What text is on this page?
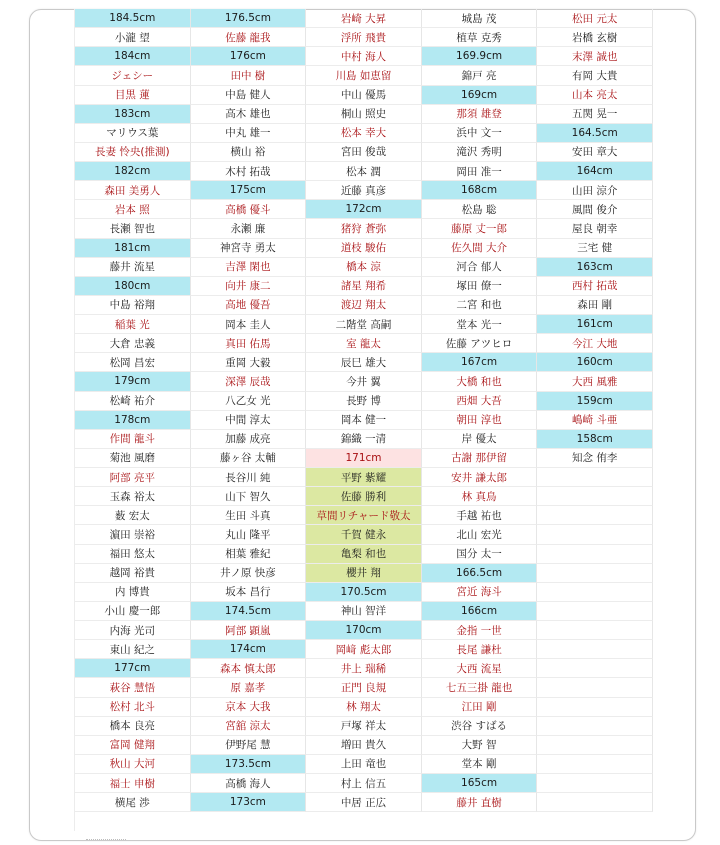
184.5cm	176.5cm	岩崎 大昇	城島 茂	松田 元太
小瀧 望	佐藤 龍我	浮所 飛貴	植草 克秀	岩橋 玄樹
184cm	176cm	中村 海人	169.9cm	末澤 誠也
ジェシー	田中 樹	川島 如恵留	錦戸 亮	有岡 大貴
目黒 蓮	中島 健人	中山 優馬	169cm	山本 亮太
183cm	高木 雄也	桐山 照史	那須 雄登	五関 晃一
マリウス葉	中丸 雄一	松本 幸大	浜中 文一	164.5cm
長妻 怜央(推測)	横山 裕	宮田 俊哉	滝沢 秀明	安田 章大
182cm	木村 拓哉	松本 潤	岡田 准一	164cm
森田 美勇人	175cm	近藤 真彦	168cm	山田 涼介
岩本 照	高橋 優斗	172cm	松島 聡	風間 俊介
長瀬 智也	永瀬 廉	猪狩 蒼弥	藤原 丈一郎	屋良 朝幸
181cm	神宮寺 勇太	道枝 駿佑	佐久間 大介	三宅 健
藤井 流星	吉澤 閑也	橋本 涼	河合 郁人	163cm
180cm	向井 康二	諸星 翔希	塚田 僚一	西村 拓哉
中島 裕翔	高地 優吾	渡辺 翔太	二宮 和也	森田 剛
稲葉 光	岡本 圭人	二階堂 高嗣	堂本 光一	161cm
大倉 忠義	真田 佑馬	室 龍太	佐藤 アツヒロ	今江 大地
松岡 昌宏	重岡 大毅	辰巳 雄大	167cm	160cm
179cm	深澤 辰哉	今井 翼	大橋 和也	大西 風雅
松崎 祐介	八乙女 光	長野 博	西畑 大吾	159cm
178cm	中間 淳太	岡本 健一	朝田 淳也	嶋崎 斗亜
作間 龍斗	加藤 成亮	錦織 一清	岸 優太	158cm
菊池 風磨	藤ヶ谷 太輔	171cm	古謝 那伊留	知念 侑李
阿部 亮平	長谷川 純	平野 紫耀	安井 謙太郎
玉森 裕太	山下 智久	佐藤 勝利	林 真鳥
薮 宏太	生田 斗真	草間リチャード敬太	手越 祐也
濵田 崇裕	丸山 隆平	千賀 健永	北山 宏光
福田 悠太	相葉 雅紀	亀梨 和也	国分 太一
越岡 裕貴	井ノ原 快彦	櫻井 翔	166.5cm
内 博貴	坂本 昌行	170.5cm	宮近 海斗
小山 慶一郎	174.5cm	神山 智洋	166cm
内海 光司	阿部 顕嵐	170cm	金指 一世
東山 紀之	174cm	岡﨑 彪太郎	長尾 謙杜
177cm	森本 慎太郎	井上 瑞稀	大西 流星
萩谷 慧悟	原 嘉孝	正門 良規	七五三掛 龍也
松村 北斗	京本 大我	林 翔太	江田 剛
橋本 良亮	宮舘 涼太	戸塚 祥太	渋谷 すばる
富岡 健翔	伊野尾 慧	増田 貴久	大野 智
秋山 大河	173.5cm	上田 竜也	堂本 剛
福士 申樹	高橋 海人	村上 信五	165cm
横尾 渉	173cm	中居 正広	藤井 直樹
